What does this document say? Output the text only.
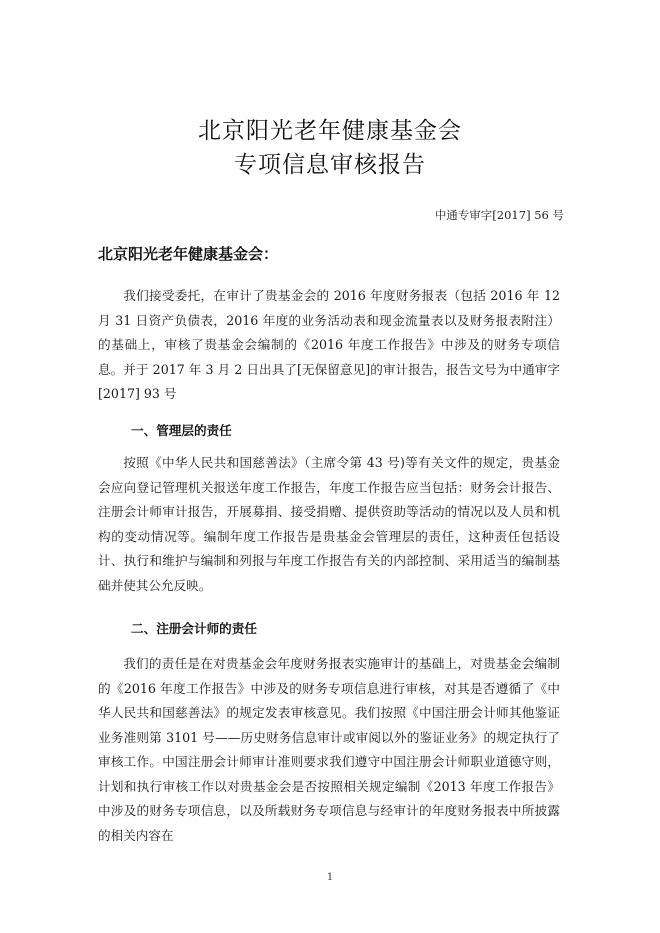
北京阳光老年健康基金会
专项信息审核报告
中通专审字[2017] 56 号
北京阳光老年健康基金会：

我们接受委托，在审计了贵基金会的 2016 年度财务报表（包括 2016 年 12 月 31 日资产负债表，2016 年度的业务活动表和现金流量表以及财务报表附注）的基础上，审核了贵基金会编制的《2016 年度工作报告》中涉及的财务专项信息。并于 2017 年 3 月 2 日出具了[无保留意见]的审计报告，报告文号为中通审字[2017] 93 号

一、管理层的责任

按照《中华人民共和国慈善法》（主席令第 43 号)等有关文件的规定，贵基金会应向登记管理机关报送年度工作报告，年度工作报告应当包括：财务会计报告、注册会计师审计报告，开展募捐、接受捐赠、提供资助等活动的情况以及人员和机构的变动情况等。编制年度工作报告是贵基金会管理层的责任，这种责任包括设计、执行和维护与编制和列报与年度工作报告有关的内部控制、采用适当的编制基础并使其公允反映。

二、注册会计师的责任

我们的责任是在对贵基金会年度财务报表实施审计的基础上，对贵基金会编制的《2016 年度工作报告》中涉及的财务专项信息进行审核，对其是否遵循了《中华人民共和国慈善法》的规定发表审核意见。我们按照《中国注册会计师其他鉴证业务准则第 3101 号——历史财务信息审计或审阅以外的鉴证业务》的规定执行了审核工作。中国注册会计师审计准则要求我们遵守中国注册会计师职业道德守则，计划和执行审核工作以对贵基金会是否按照相关规定编制《2013 年度工作报告》中涉及的财务专项信息，以及所载财务专项信息与经审计的年度财务报表中所披露的相关内容在

1
